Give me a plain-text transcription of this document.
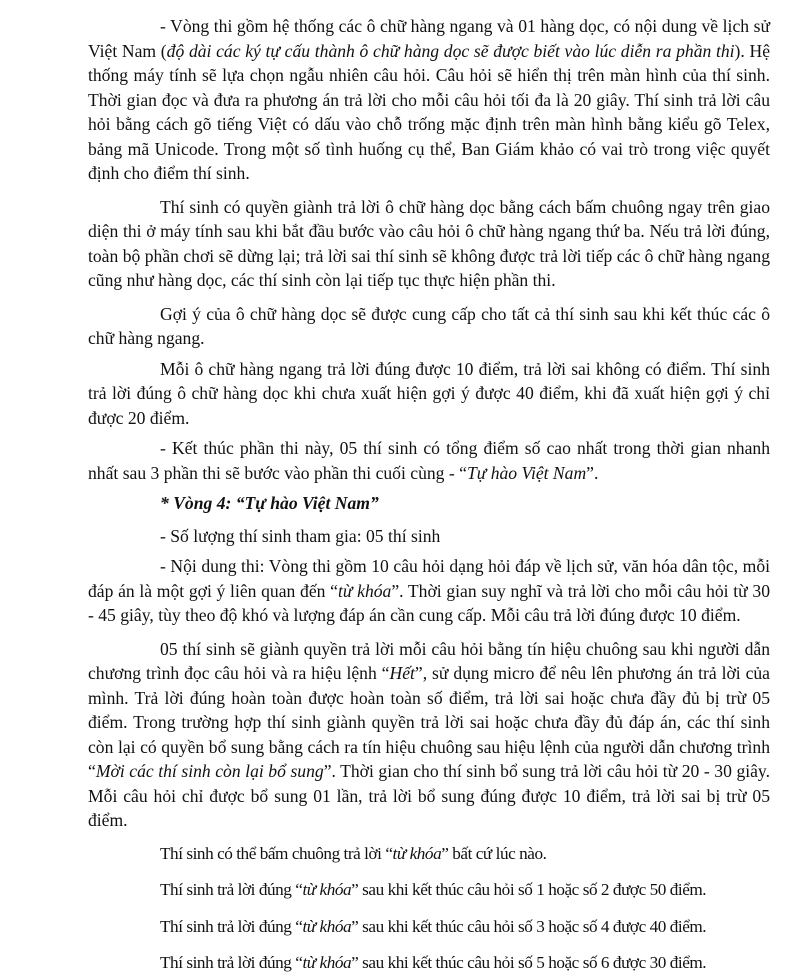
- Vòng thi gồm hệ thống các ô chữ hàng ngang và 01 hàng dọc, có nội dung về lịch sử Việt Nam (độ dài các ký tự cấu thành ô chữ hàng dọc sẽ được biết vào lúc diễn ra phần thi). Hệ thống máy tính sẽ lựa chọn ngẫu nhiên câu hỏi. Câu hỏi sẽ hiển thị trên màn hình của thí sinh. Thời gian đọc và đưa ra phương án trả lời cho mỗi câu hỏi tối đa là 20 giây. Thí sinh trả lời câu hỏi bằng cách gõ tiếng Việt có dấu vào chỗ trống mặc định trên màn hình bằng kiểu gõ Telex, bảng mã Unicode. Trong một số tình huống cụ thể, Ban Giám khảo có vai trò trong việc quyết định cho điểm thí sinh.

Thí sinh có quyền giành trả lời ô chữ hàng dọc bằng cách bấm chuông ngay trên giao diện thi ở máy tính sau khi bắt đầu bước vào câu hỏi ô chữ hàng ngang thứ ba. Nếu trả lời đúng, toàn bộ phần chơi sẽ dừng lại; trả lời sai thí sinh sẽ không được trả lời tiếp các ô chữ hàng ngang cũng như hàng dọc, các thí sinh còn lại tiếp tục thực hiện phần thi.

Gợi ý của ô chữ hàng dọc sẽ được cung cấp cho tất cả thí sinh sau khi kết thúc các ô chữ hàng ngang.

Mỗi ô chữ hàng ngang trả lời đúng được 10 điểm, trả lời sai không có điểm. Thí sinh trả lời đúng ô chữ hàng dọc khi chưa xuất hiện gợi ý được 40 điểm, khi đã xuất hiện gợi ý chỉ được 20 điểm.

- Kết thúc phần thi này, 05 thí sinh có tổng điểm số cao nhất trong thời gian nhanh nhất sau 3 phần thi sẽ bước vào phần thi cuối cùng - “Tự hào Việt Nam”.

* Vòng 4: “Tự hào Việt Nam”

- Số lượng thí sinh tham gia: 05 thí sinh

- Nội dung thi: Vòng thi gồm 10 câu hỏi dạng hỏi đáp về lịch sử, văn hóa dân tộc, mỗi đáp án là một gợi ý liên quan đến “từ khóa”. Thời gian suy nghĩ và trả lời cho mỗi câu hỏi từ 30 - 45 giây, tùy theo độ khó và lượng đáp án cần cung cấp. Mỗi câu trả lời đúng được 10 điểm.

05 thí sinh sẽ giành quyền trả lời mỗi câu hỏi bằng tín hiệu chuông sau khi người dẫn chương trình đọc câu hỏi và ra hiệu lệnh “Hết”, sử dụng micro để nêu lên phương án trả lời của mình. Trả lời đúng hoàn toàn được hoàn toàn số điểm, trả lời sai hoặc chưa đầy đủ bị trừ 05 điểm. Trong trường hợp thí sinh giành quyền trả lời sai hoặc chưa đầy đủ đáp án, các thí sinh còn lại có quyền bổ sung bằng cách ra tín hiệu chuông sau hiệu lệnh của người dẫn chương trình “Mời các thí sinh còn lại bổ sung”. Thời gian cho thí sinh bổ sung trả lời câu hỏi từ 20 - 30 giây. Mỗi câu hỏi chỉ được bổ sung 01 lần, trả lời bổ sung đúng được 10 điểm, trả lời sai bị trừ 05 điểm.

Thí sinh có thể bấm chuông trả lời “từ khóa” bất cứ lúc nào.

Thí sinh trả lời đúng “từ khóa” sau khi kết thúc câu hỏi số 1 hoặc số 2 được 50 điểm.

Thí sinh trả lời đúng “từ khóa” sau khi kết thúc câu hỏi số 3 hoặc số 4 được 40 điểm.

Thí sinh trả lời đúng “từ khóa” sau khi kết thúc câu hỏi số 5 hoặc số 6 được 30 điểm.
